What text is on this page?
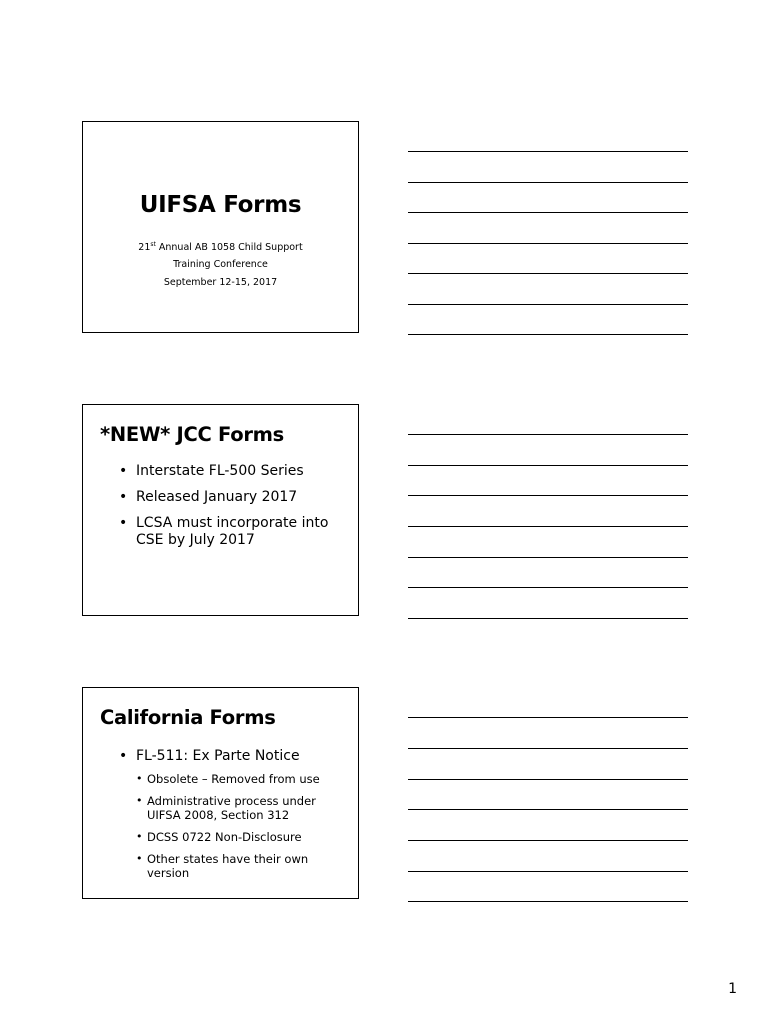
UIFSA Forms
21st Annual AB 1058 Child Support
Training Conference
September 12-15, 2017
*NEW* JCC Forms
• Interstate FL-500 Series
• Released January 2017
• LCSA must incorporate into CSE by July 2017
California Forms
• FL-511: Ex Parte Notice
• Obsolete – Removed from use
• Administrative process under UIFSA 2008, Section 312
• DCSS 0722 Non-Disclosure
• Other states have their own version
1
